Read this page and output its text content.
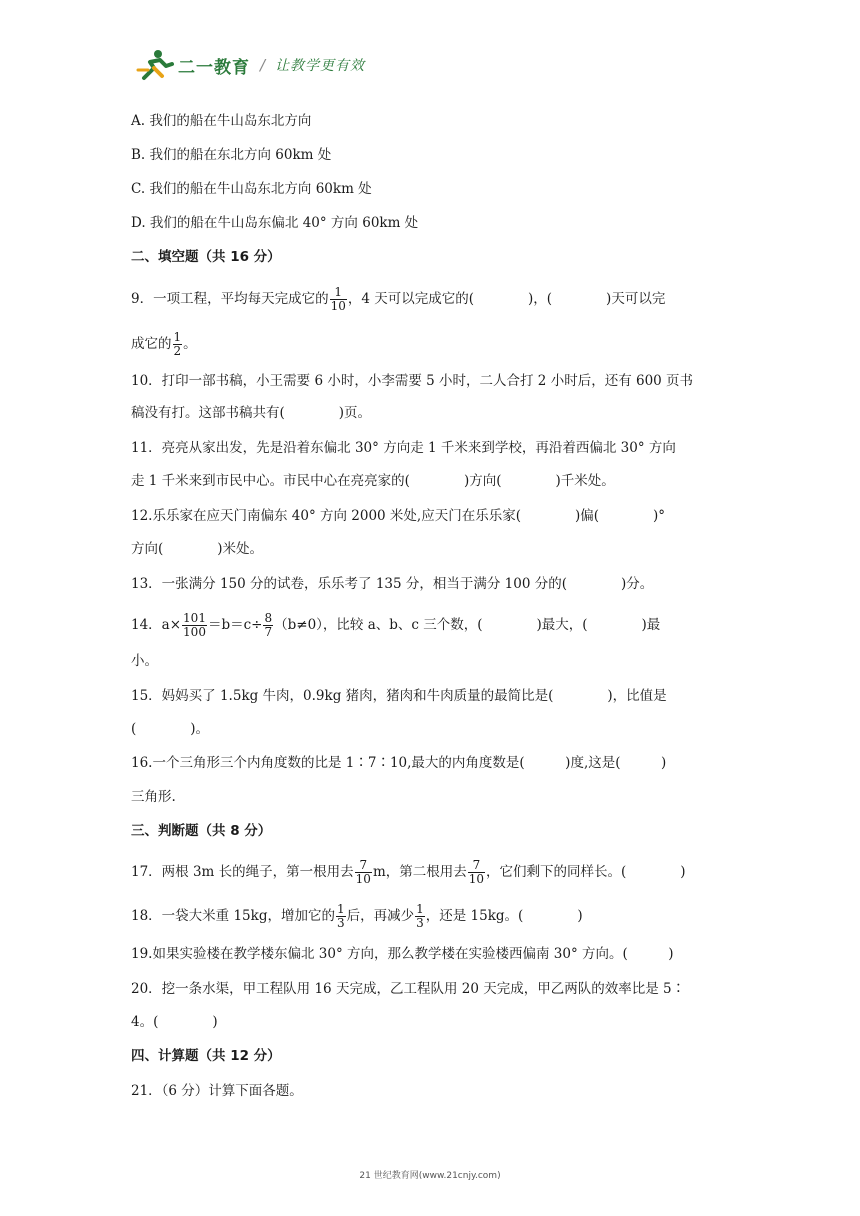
二一教育 / 让教学更有效
A. 我们的船在牛山岛东北方向
B. 我们的船在东北方向 60km 处
C. 我们的船在牛山岛东北方向 60km 处
D. 我们的船在牛山岛东偏北 40° 方向 60km 处
二、填空题（共 16 分）
9．一项工程，平均每天完成它的 $\frac{1}{10}$ ，4 天可以完成它的(　　　　)，(　　　　)天可以完
成它的 $\frac{1}{2}$ 。
10．打印一部书稿，小王需要 6 小时，小李需要 5 小时，二人合打 2 小时后，还有 600 页书
稿没有打。这部书稿共有(　　　　)页。
11．亮亮从家出发，先是沿着东偏北 30° 方向走 1 千米来到学校，再沿着西偏北 30° 方向
走 1 千米来到市民中心。市民中心在亮亮家的(　　　　)方向(　　　　)千米处。
12.乐乐家在应天门南偏东 40° 方向 2000 米处,应天门在乐乐家(　　　　)偏(　　　　)°
方向(　　　　)米处。
13．一张满分 150 分的试卷，乐乐考了 135 分，相当于满分 100 分的(　　　　)分。
14．$a\times \frac{101}{100} =b=c\div \frac{8}{7} (b\ne 0)$，比较 a、b、c 三个数，(　　　　)最大，(　　　　)最
小。
15．妈妈买了 1.5kg 牛肉，0.9kg 猪肉，猪肉和牛肉质量的最简比是(　　　　)，比值是
(　　　　)。
16.一个三角形三个内角度数的比是 1∶7∶10,最大的内角度数是(　　　)度,这是(　　　)
三角形.
三、判断题（共 8 分）
17．两根 3m 长的绳子，第一根用去 $\frac{7}{10}$ m，第二根用去 $\frac{7}{10}$ ，它们剩下的同样长。(　　　　)
18．一袋大米重 15kg，增加它的 $\frac{1}{3}$ 后，再减少 $\frac{1}{3}$ ，还是 15kg。(　　　　)
19.如果实验楼在教学楼东偏北 30° 方向，那么教学楼在实验楼西偏南 30° 方向。(　　　)
20．挖一条水渠，甲工程队用 16 天完成，乙工程队用 20 天完成，甲乙两队的效率比是 5∶
4。(　　　　)
四、计算题（共 12 分）
21．（6 分）计算下面各题。
21 世纪教育网(www.21cnjy.com)
